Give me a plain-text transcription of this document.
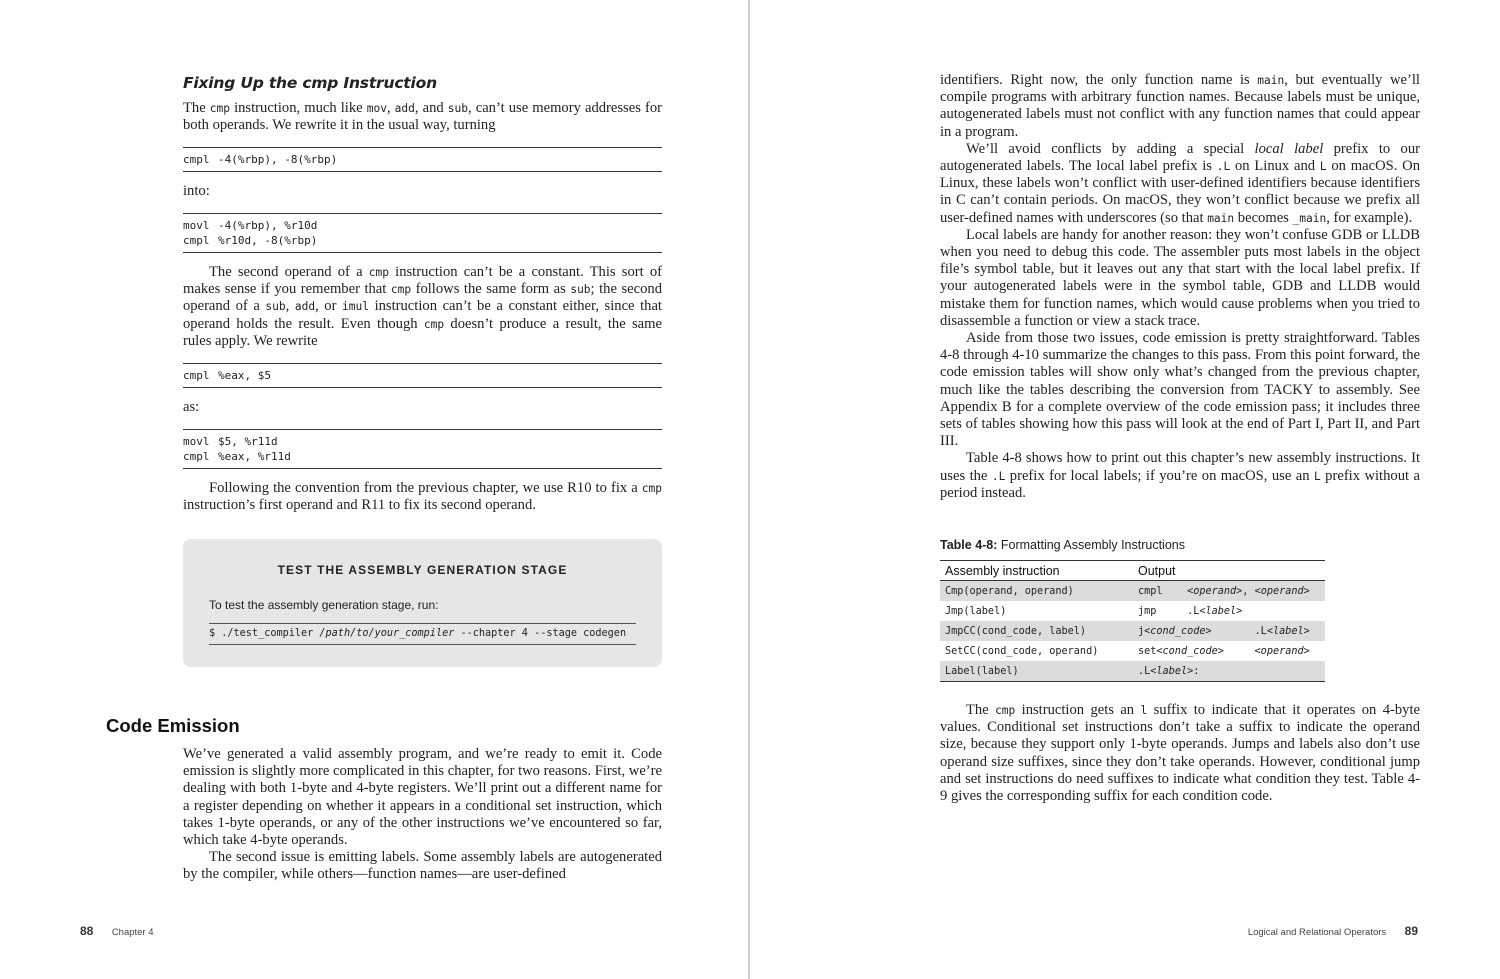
Fixing Up the cmp Instruction

The cmp instruction, much like mov, add, and sub, can’t use memory addresses for both operands. We rewrite it in the usual way, turning

cmpl -4(%rbp), -8(%rbp)
into:
movl -4(%rbp), %r10d
cmpl %r10d, -8(%rbp)

The second operand of a cmp instruction can’t be a constant. This sort of makes sense if you remember that cmp follows the same form as sub; the second operand of a sub, add, or imul instruction can’t be a constant either, since that operand holds the result. Even though cmp doesn’t produce a result, the same rules apply. We rewrite

cmpl %eax, $5
as:
movl $5, %r11d
cmpl %eax, %r11d

Following the convention from the previous chapter, we use R10 to fix a cmp instruction’s first operand and R11 to fix its second operand.

TEST THE ASSEMBLY GENERATION STAGE
To test the assembly generation stage, run:
$ ./test_compiler /path/to/your_compiler --chapter 4 --stage codegen
Code Emission

We’ve generated a valid assembly program, and we’re ready to emit it. Code emission is slightly more complicated in this chapter, for two reasons. First, we’re dealing with both 1-byte and 4-byte registers. We’ll print out a different name for a register depending on whether it appears in a conditional set instruction, which takes 1-byte operands, or any of the other instructions we’ve encountered so far, which take 4-byte operands.

The second issue is emitting labels. Some assembly labels are autogenerated by the compiler, while others—function names—are user-defined

88 Chapter 4

identifiers. Right now, the only function name is main, but eventually we’ll compile programs with arbitrary function names. Because labels must be unique, autogenerated labels must not conflict with any function names that could appear in a program.

We’ll avoid conflicts by adding a special local label prefix to our autogenerated labels. The local label prefix is .L on Linux and L on macOS. On Linux, these labels won’t conflict with user-defined identifiers because identifiers in C can’t contain periods. On macOS, they won’t conflict because we prefix all user-defined names with underscores (so that main becomes _main, for example).

Local labels are handy for another reason: they won’t confuse GDB or LLDB when you need to debug this code. The assembler puts most labels in the object file’s symbol table, but it leaves out any that start with the local label prefix. If your autogenerated labels were in the symbol table, GDB and LLDB would mistake them for function names, which would cause problems when you tried to disassemble a function or view a stack trace.

Aside from those two issues, code emission is pretty straightforward. Tables 4-8 through 4-10 summarize the changes to this pass. From this point forward, the code emission tables will show only what’s changed from the previous chapter, much like the tables describing the conversion from TACKY to assembly. See Appendix B for a complete overview of the code emission pass; it includes three sets of tables showing how this pass will look at the end of Part I, Part II, and Part III.

Table 4-8 shows how to print out this chapter’s new assembly instructions. It uses the .L prefix for local labels; if you’re on macOS, use an L prefix without a period instead.

Table 4-8: Formatting Assembly Instructions
Assembly instruction	Output
Cmp(operand, operand)	cmpl    <operand>, <operand>
Jmp(label)	jmp     .L<label>
JmpCC(cond_code, label)	j<cond_code>       .L<label>
SetCC(cond_code, operand)	set<cond_code> <operand>
Label(label)	.L<label>:

The cmp instruction gets an l suffix to indicate that it operates on 4-byte values. Conditional set instructions don’t take a suffix to indicate the operand size, because they support only 1-byte operands. Jumps and labels also don’t use operand size suffixes, since they don’t take operands. However, conditional jump and set instructions do need suffixes to indicate what condition they test. Table 4-9 gives the corresponding suffix for each condition code.

Logical and Relational Operators 89
